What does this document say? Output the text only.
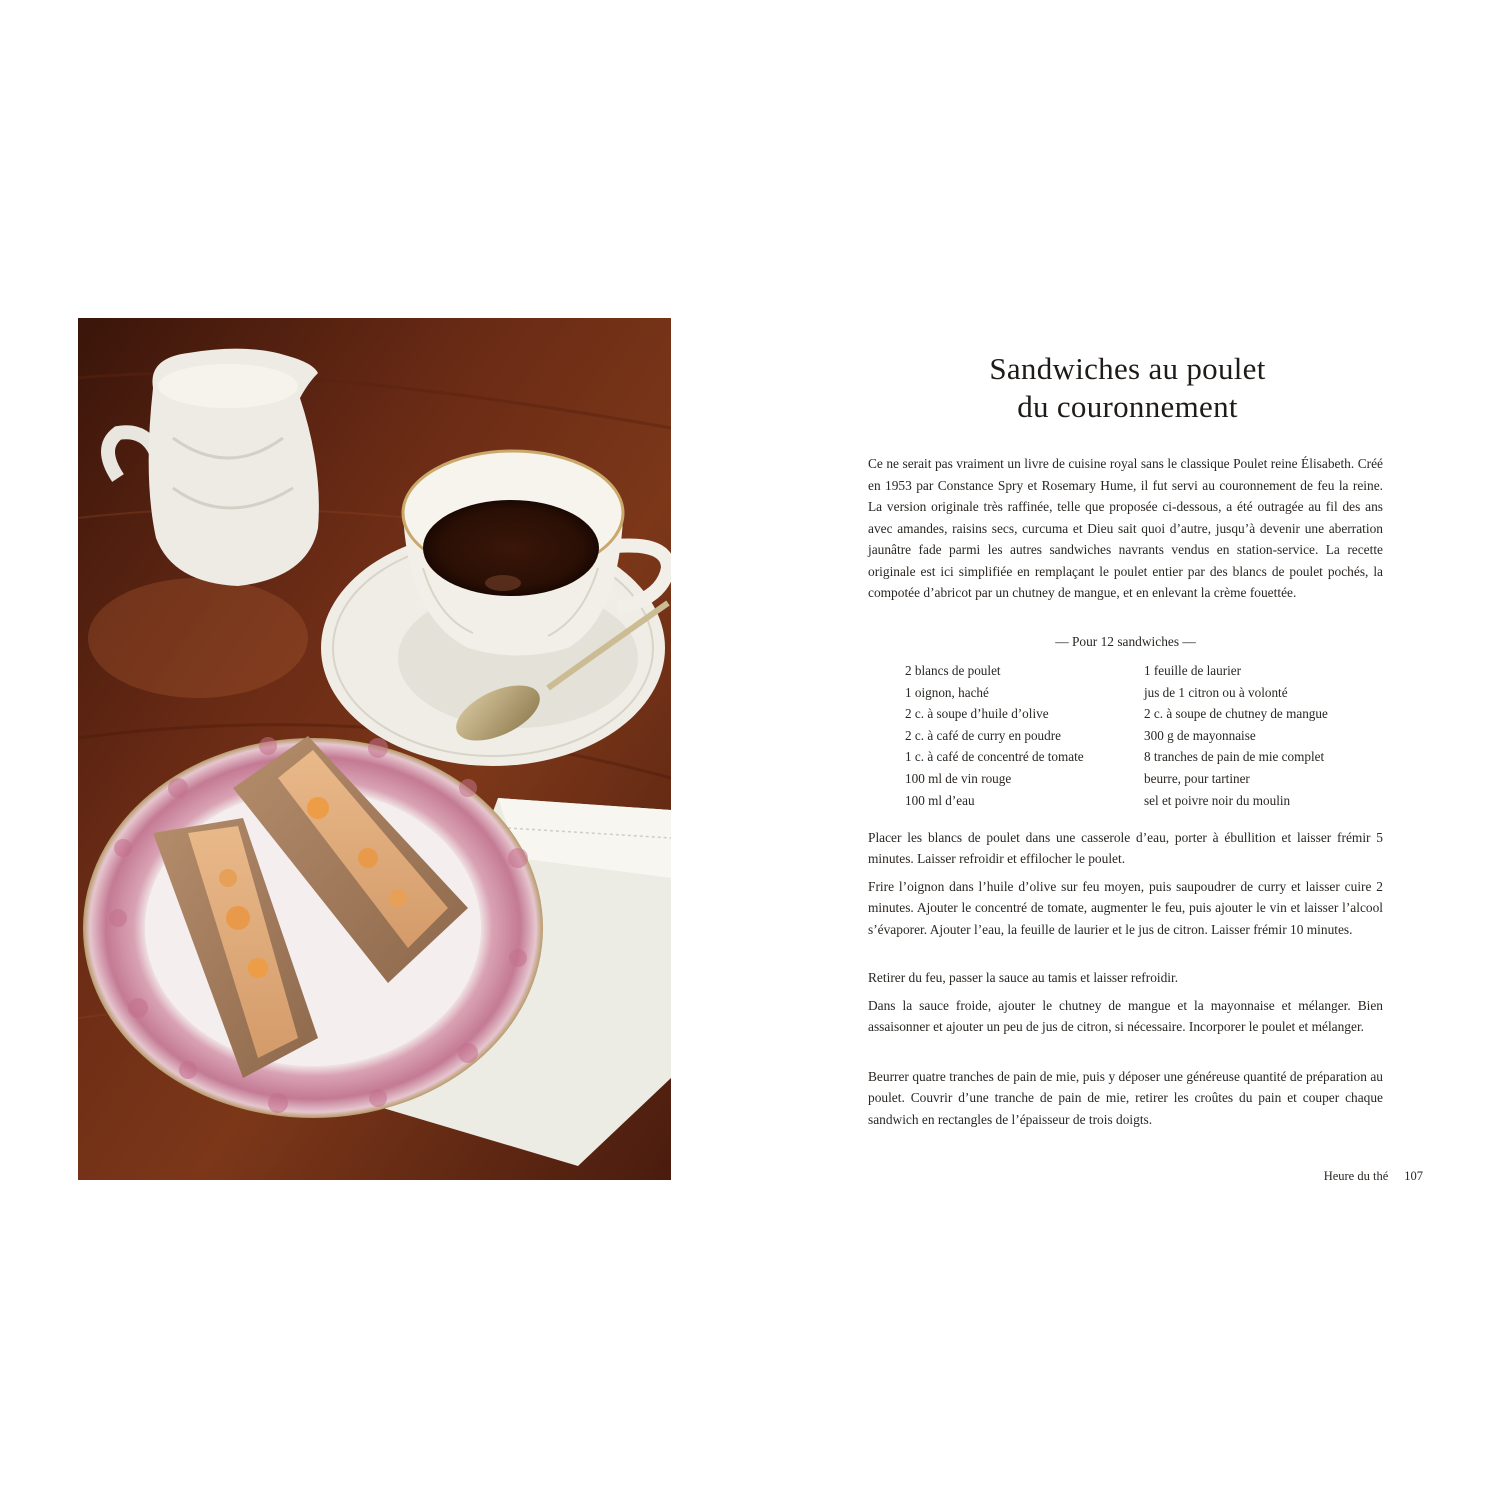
Sandwiches au poulet
du couronnement

Ce ne serait pas vraiment un livre de cuisine royal sans le classique Poulet reine Élisabeth. Créé en 1953 par Constance Spry et Rosemary Hume, il fut servi au couronnement de feu la reine. La version originale très raffinée, telle que proposée ci-dessous, a été outragée au fil des ans avec amandes, raisins secs, curcuma et Dieu sait quoi d’autre, jusqu’à devenir une aberration jaunâtre fade parmi les autres sandwiches navrants vendus en station-service. La recette originale est ici simplifiée en remplaçant le poulet entier par des blancs de poulet pochés, la compotée d’abricot par un chutney de mangue, et en enlevant la crème fouettée.

— Pour 12 sandwiches —
2 blancs de poulet
1 oignon, haché
2 c. à soupe d’huile d’olive
2 c. à café de curry en poudre
1 c. à café de concentré de tomate
100 ml de vin rouge
100 ml d’eau
1 feuille de laurier
jus de 1 citron ou à volonté
2 c. à soupe de chutney de mangue
300 g de mayonnaise
8 tranches de pain de mie complet
beurre, pour tartiner
sel et poivre noir du moulin

Placer les blancs de poulet dans une casserole d’eau, porter à ébullition et laisser frémir 5 minutes. Laisser refroidir et effilocher le poulet.

Frire l’oignon dans l’huile d’olive sur feu moyen, puis saupoudrer de curry et laisser cuire 2 minutes. Ajouter le concentré de tomate, augmenter le feu, puis ajouter le vin et laisser l’alcool s’évaporer. Ajouter l’eau, la feuille de laurier et le jus de citron. Laisser frémir 10 minutes.

Retirer du feu, passer la sauce au tamis et laisser refroidir.

Dans la sauce froide, ajouter le chutney de mangue et la mayonnaise et mélanger. Bien assaisonner et ajouter un peu de jus de citron, si nécessaire. Incorporer le poulet et mélanger.

Beurrer quatre tranches de pain de mie, puis y déposer une généreuse quantité de préparation au poulet. Couvrir d’une tranche de pain de mie, retirer les croûtes du pain et couper chaque sandwich en rectangles de l’épaisseur de trois doigts.

Heure du thé 107
